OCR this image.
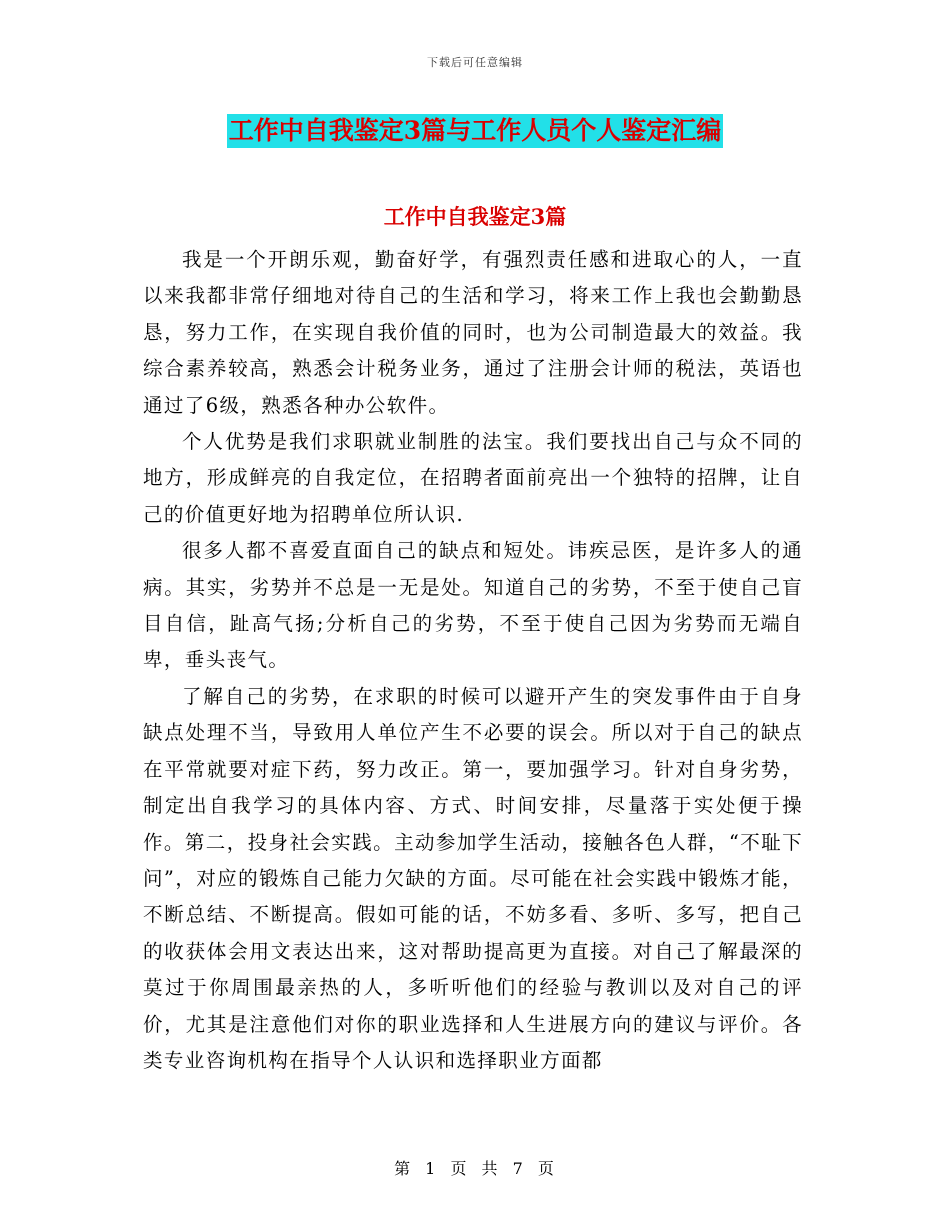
下载后可任意编辑
工作中自我鉴定3篇与工作人员个人鉴定汇编
工作中自我鉴定3篇

我是一个开朗乐观，勤奋好学，有强烈责任感和进取心的人，一直以来我都非常仔细地对待自己的生活和学习，将来工作上我也会勤勤恳恳，努力工作，在实现自我价值的同时，也为公司制造最大的效益。我综合素养较高，熟悉会计税务业务，通过了注册会计师的税法，英语也通过了6级，熟悉各种办公软件。

个人优势是我们求职就业制胜的法宝。我们要找出自己与众不同的地方，形成鲜亮的自我定位，在招聘者面前亮出一个独特的招牌，让自己的价值更好地为招聘单位所认识.

很多人都不喜爱直面自己的缺点和短处。讳疾忌医，是许多人的通病。其实，劣势并不总是一无是处。知道自己的劣势，不至于使自己盲目自信，趾高气扬;分析自己的劣势，不至于使自己因为劣势而无端自卑，垂头丧气。

了解自己的劣势，在求职的时候可以避开产生的突发事件由于自身缺点处理不当，导致用人单位产生不必要的误会。所以对于自己的缺点在平常就要对症下药，努力改正。第一，要加强学习。针对自身劣势，制定出自我学习的具体内容、方式、时间安排，尽量落于实处便于操作。第二，投身社会实践。主动参加学生活动，接触各色人群，“不耻下问”，对应的锻炼自己能力欠缺的方面。尽可能在社会实践中锻炼才能，不断总结、不断提高。假如可能的话，不妨多看、多听、多写，把自己的收获体会用文表达出来，这对帮助提高更为直接。对自己了解最深的莫过于你周围最亲热的人，多听听他们的经验与教训以及对自己的评价，尤其是注意他们对你的职业选择和人生进展方向的建议与评价。各类专业咨询机构在指导个人认识和选择职业方面都

第 1 页 共 7 页
